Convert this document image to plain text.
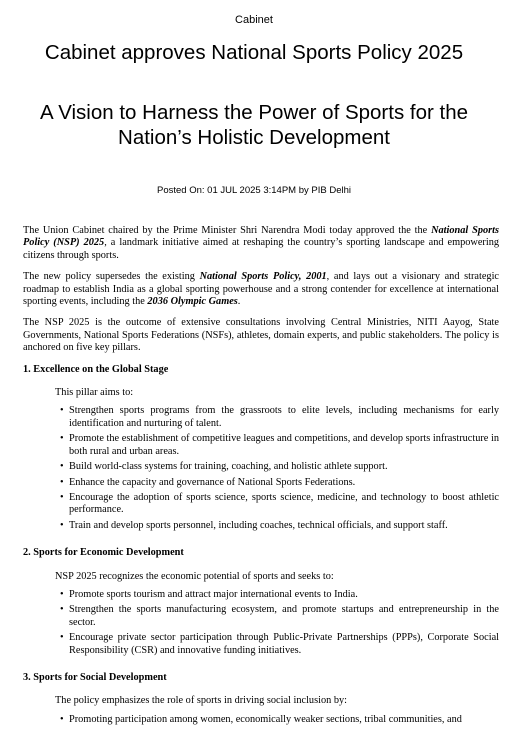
Cabinet
Cabinet approves National Sports Policy 2025
A Vision to Harness the Power of Sports for the Nation’s Holistic Development
Posted On: 01 JUL 2025 3:14PM by PIB Delhi

The Union Cabinet chaired by the Prime Minister Shri Narendra Modi today approved the the National Sports Policy (NSP) 2025, a landmark initiative aimed at reshaping the country’s sporting landscape and empowering citizens through sports.

The new policy supersedes the existing National Sports Policy, 2001, and lays out a visionary and strategic roadmap to establish India as a global sporting powerhouse and a strong contender for excellence at international sporting events, including the 2036 Olympic Games.

The NSP 2025 is the outcome of extensive consultations involving Central Ministries, NITI Aayog, State Governments, National Sports Federations (NSFs), athletes, domain experts, and public stakeholders. The policy is anchored on five key pillars.

1. Excellence on the Global Stage
This pillar aims to:
• Strengthen sports programs from the grassroots to elite levels, including mechanisms for early identification and nurturing of talent.
• Promote the establishment of competitive leagues and competitions, and develop sports infrastructure in both rural and urban areas.
• Build world-class systems for training, coaching, and holistic athlete support.
• Enhance the capacity and governance of National Sports Federations.
• Encourage the adoption of sports science, sports science, medicine, and technology to boost athletic performance.
• Train and develop sports personnel, including coaches, technical officials, and support staff.
2. Sports for Economic Development
NSP 2025 recognizes the economic potential of sports and seeks to:
• Promote sports tourism and attract major international events to India.
• Strengthen the sports manufacturing ecosystem, and promote startups and entrepreneurship in the sector.
• Encourage private sector participation through Public-Private Partnerships (PPPs), Corporate Social Responsibility (CSR) and innovative funding initiatives.
3. Sports for Social Development
The policy emphasizes the role of sports in driving social inclusion by:
• Promoting participation among women, economically weaker sections, tribal communities, and
